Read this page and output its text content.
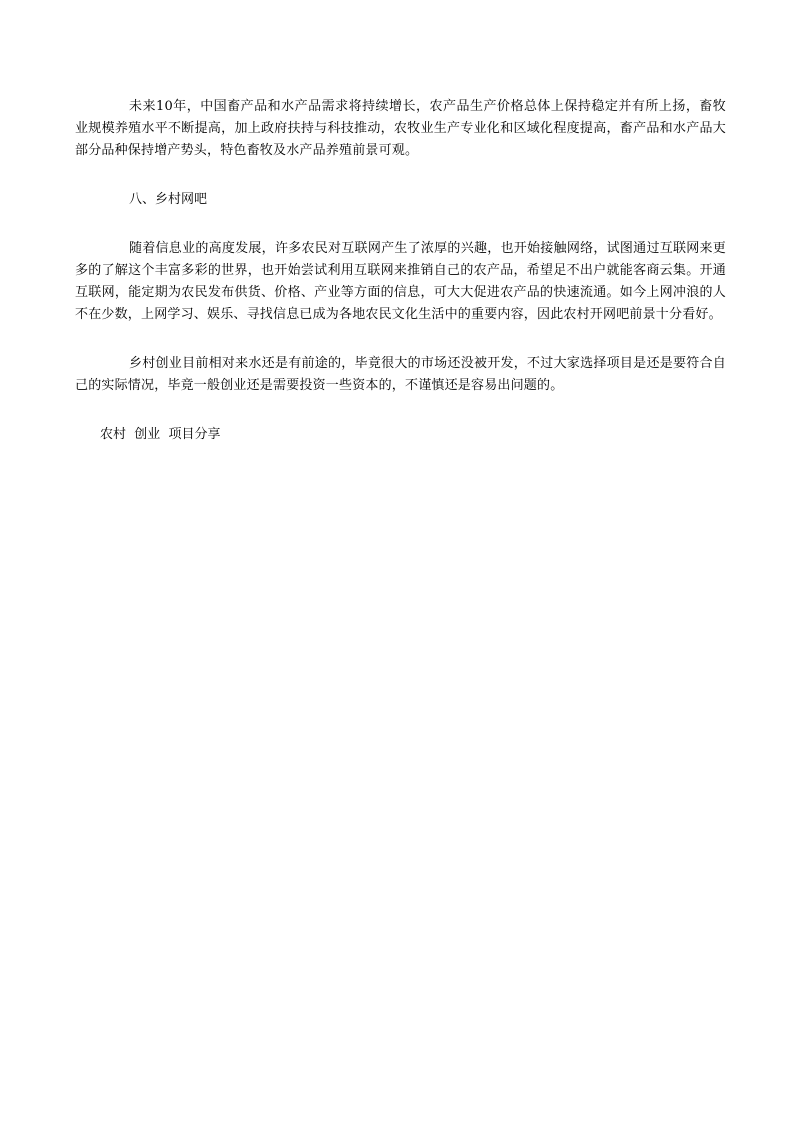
未来10年，中国畜产品和水产品需求将持续增长，农产品生产价格总体上保持稳定并有所上扬，畜牧业规模养殖水平不断提高，加上政府扶持与科技推动，农牧业生产专业化和区域化程度提高，畜产品和水产品大部分品种保持增产势头，特色畜牧及水产品养殖前景可观。

八、乡村网吧

随着信息业的高度发展，许多农民对互联网产生了浓厚的兴趣，也开始接触网络，试图通过互联网来更多的了解这个丰富多彩的世界，也开始尝试利用互联网来推销自己的农产品，希望足不出户就能客商云集。开通互联网，能定期为农民发布供货、价格、产业等方面的信息，可大大促进农产品的快速流通。如今上网冲浪的人不在少数，上网学习、娱乐、寻找信息已成为各地农民文化生活中的重要内容，因此农村开网吧前景十分看好。

乡村创业目前相对来水还是有前途的，毕竟很大的市场还没被开发，不过大家选择项目是还是要符合自己的实际情况，毕竟一般创业还是需要投资一些资本的，不谨慎还是容易出问题的。

农村  创业  项目分享
